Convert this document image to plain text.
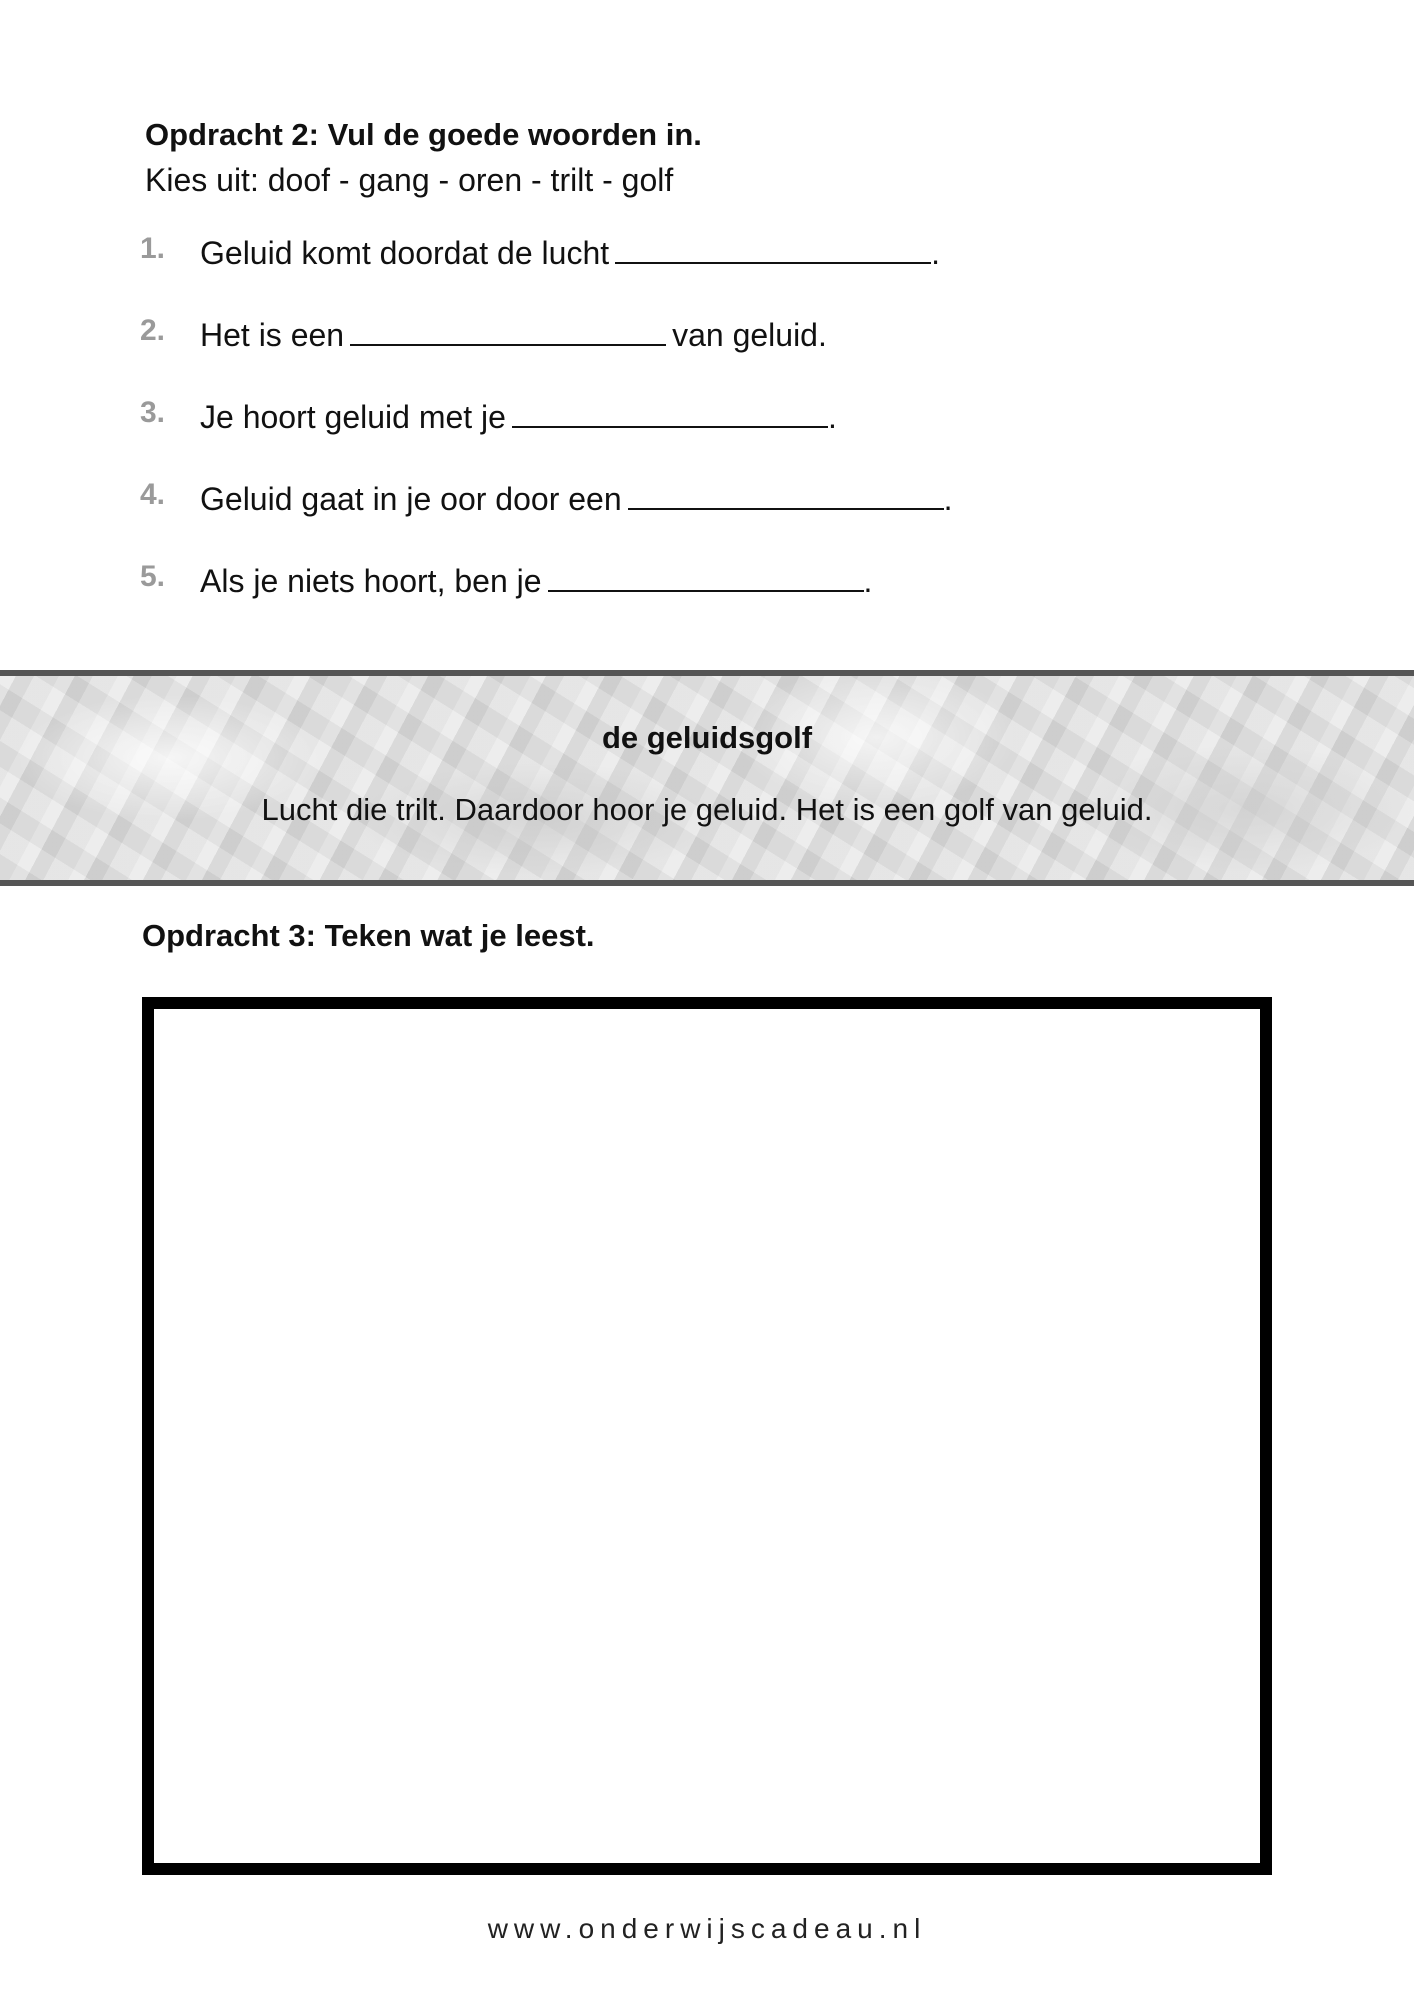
Opdracht 2: Vul de goede woorden in.
Kies uit: doof - gang - oren - trilt - golf
1. Geluid komt doordat de lucht	.
2. Het is een	van geluid.
3. Je hoort geluid met je	.
4. Geluid gaat in je oor door een	.
5. Als je niets hoort, ben je	.
de geluidsgolf
Lucht die trilt. Daardoor hoor je geluid. Het is een golf van geluid.
Opdracht 3: Teken wat je leest.
www.onderwijscadeau.nl
